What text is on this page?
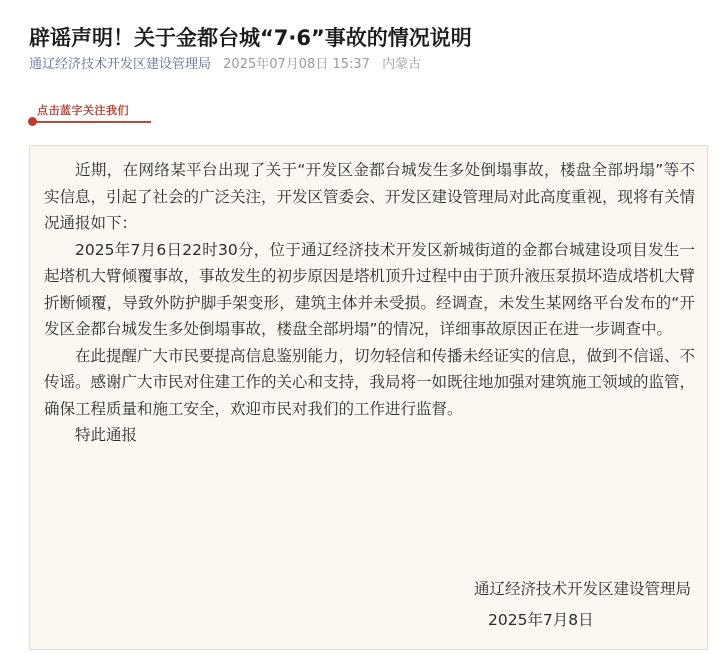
辟谣声明！关于金都台城“7·6”事故的情况说明
通辽经济技术开发区建设管理局 2025年07月08日 15:37 内蒙古
点击蓝字关注我们

近期，在网络某平台出现了关于“开发区金都台城发生多处倒塌事故，楼盘全部坍塌”等不实信息，引起了社会的广泛关注，开发区管委会、开发区建设管理局对此高度重视，现将有关情况通报如下：

2025年7月6日22时30分，位于通辽经济技术开发区新城街道的金都台城建设项目发生一起塔机大臂倾覆事故，事故发生的初步原因是塔机顶升过程中由于顶升液压泵损坏造成塔机大臂折断倾覆，导致外防护脚手架变形，建筑主体并未受损。经调查，未发生某网络平台发布的“开发区金都台城发生多处倒塌事故，楼盘全部坍塌”的情况，详细事故原因正在进一步调查中。

在此提醒广大市民要提高信息鉴别能力，切勿轻信和传播未经证实的信息，做到不信谣、不传谣。感谢广大市民对住建工作的关心和支持，我局将一如既往地加强对建筑施工领域的监管，确保工程质量和施工安全，欢迎市民对我们的工作进行监督。

特此通报

通辽经济技术开发区建设管理局
2025年7月8日
